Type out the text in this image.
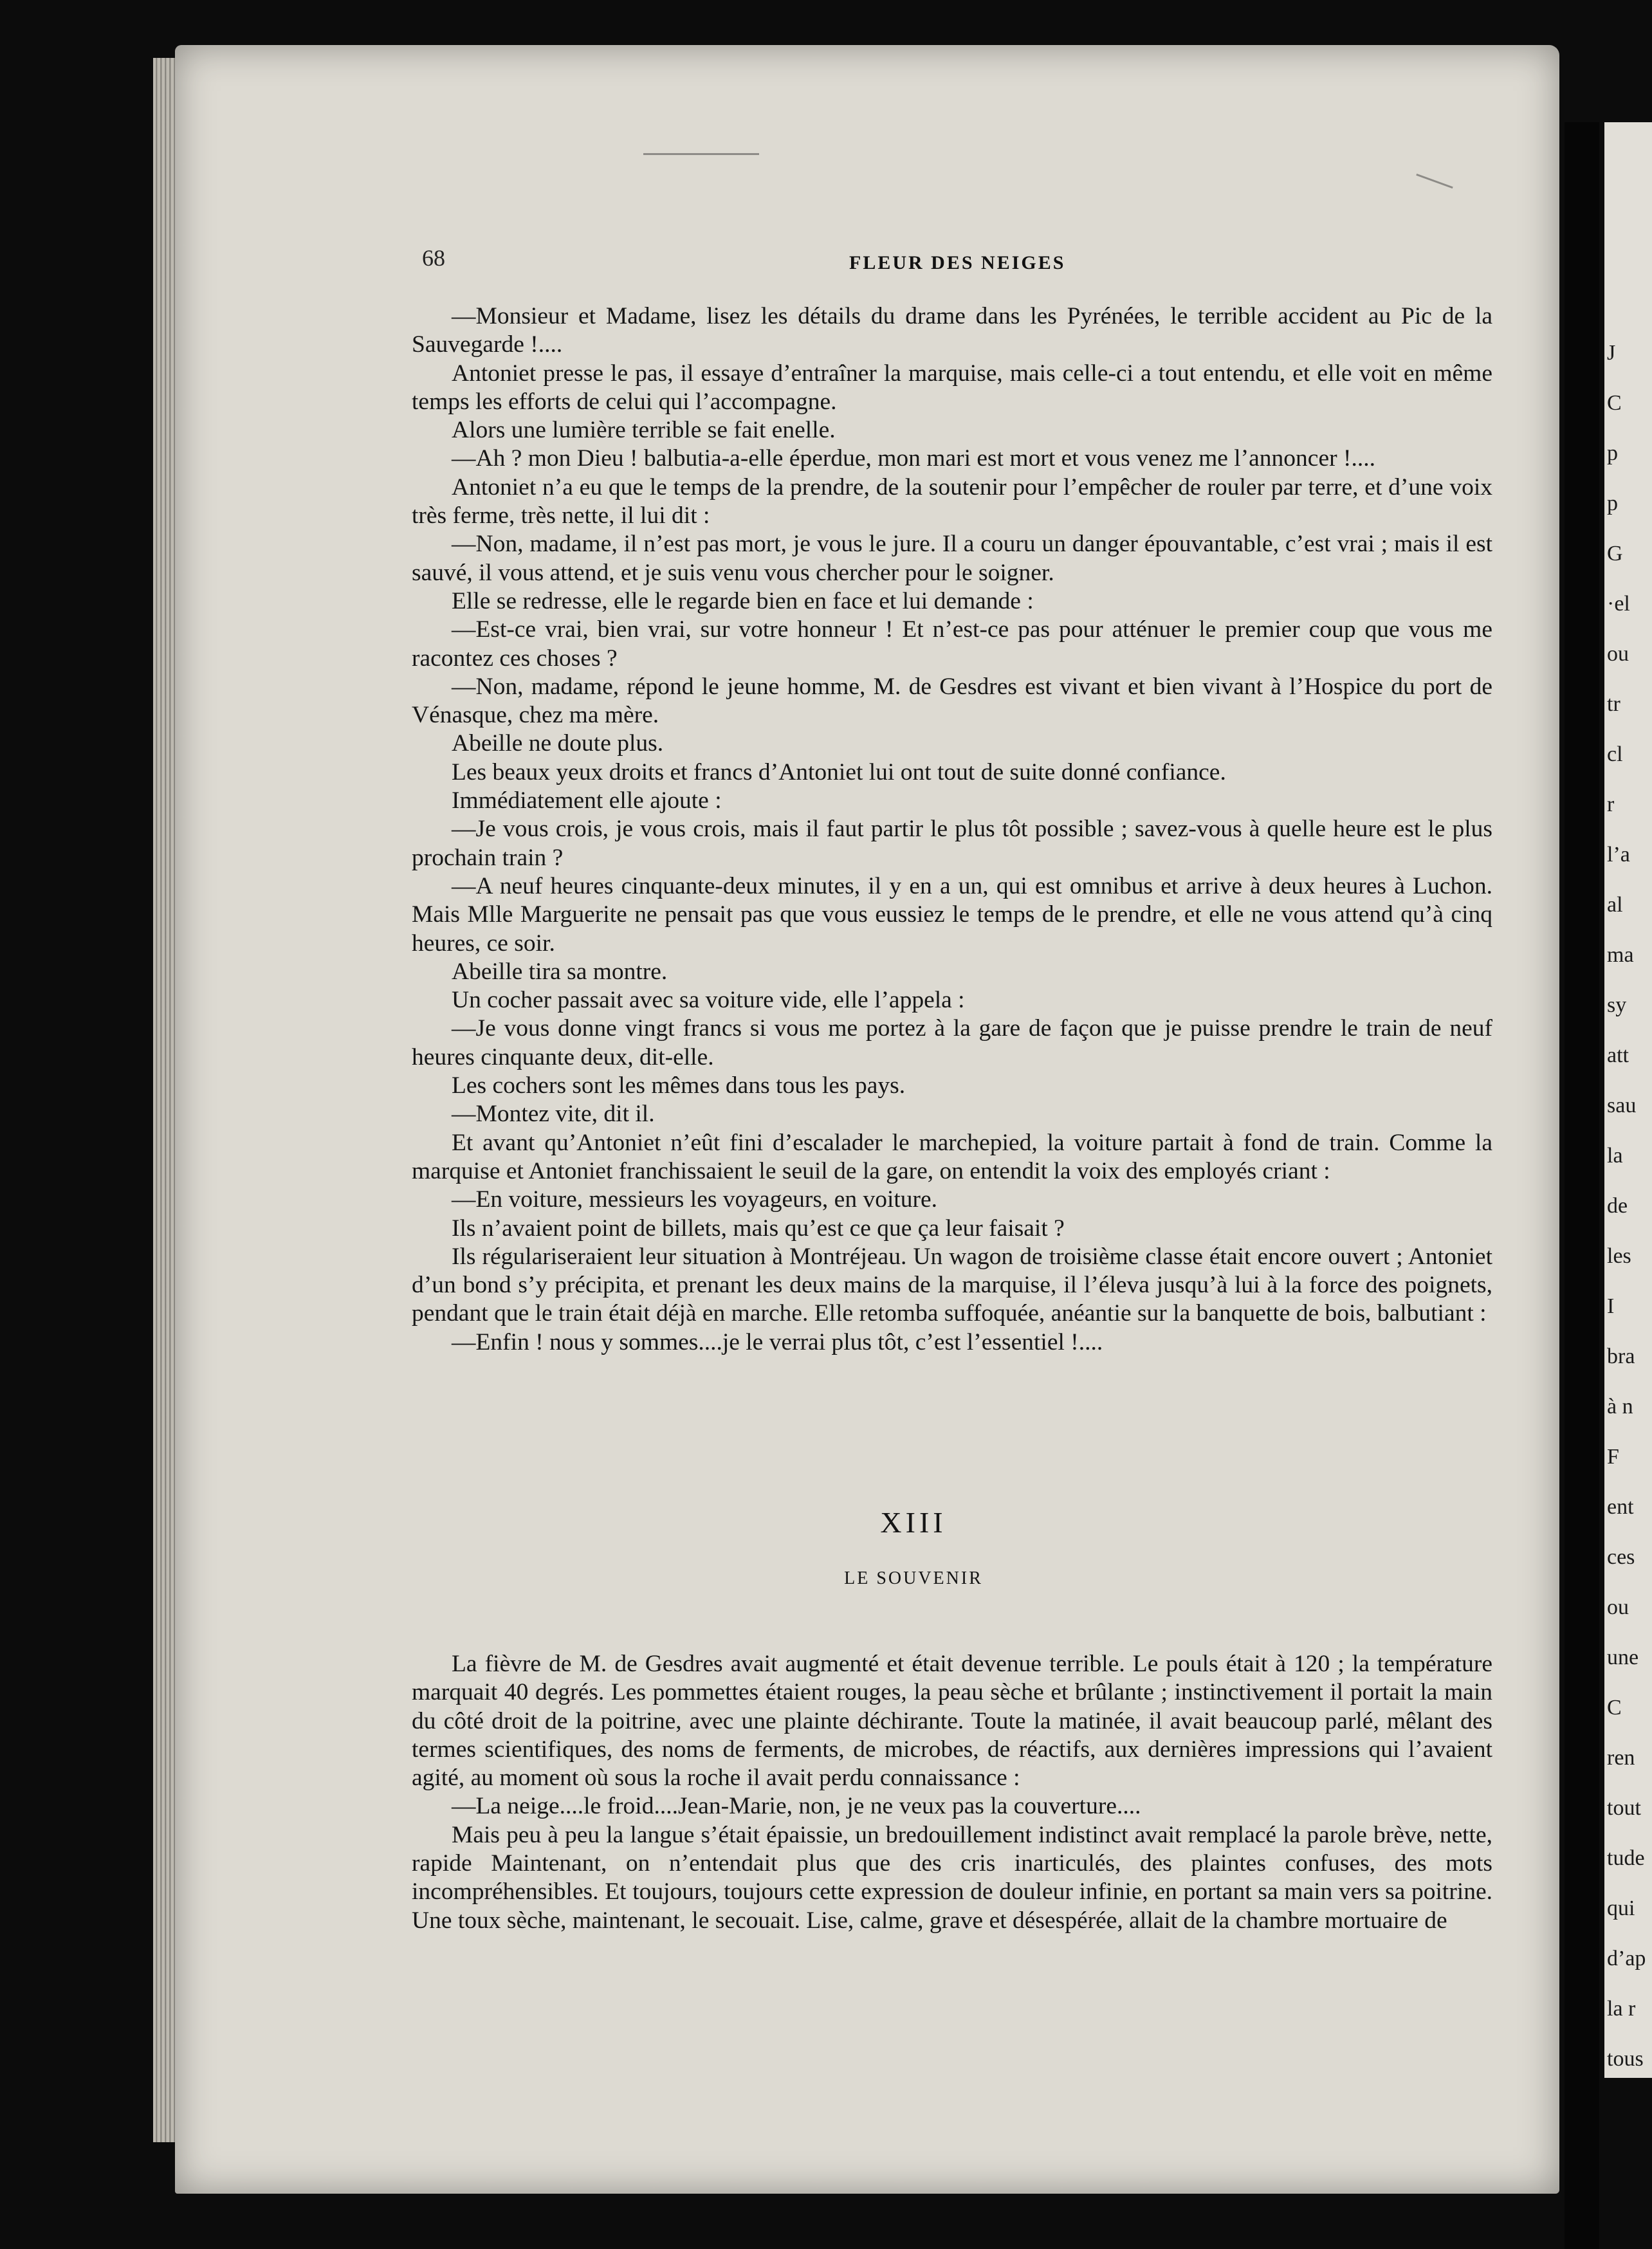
J
C
p
p
G
·el
ou
tr
cl
r
l’a
al
ma
sy
att
sau
la
de
les
I
bra
à n
F
ent
ces
ou
une
C
ren
tout
tude
qui
d’ap
la r
tous
68	FLEUR DES NEIGES

—Monsieur et Madame, lisez les détails du drame dans les Pyrénées, le terrible accident au Pic de la Sauvegarde !....

Antoniet presse le pas, il essaye d’entraîner la marquise, mais celle-ci a tout entendu, et elle voit en même temps les efforts de celui qui l’accompagne.

Alors une lumière terrible se fait enelle.

—Ah ? mon Dieu ! balbutia-a-elle éperdue, mon mari est mort et vous venez me l’annoncer !....

Antoniet n’a eu que le temps de la prendre, de la soutenir pour l’empêcher de rouler par terre, et d’une voix très ferme, très nette, il lui dit :

—Non, madame, il n’est pas mort, je vous le jure. Il a couru un danger épouvantable, c’est vrai ; mais il est sauvé, il vous attend, et je suis venu vous chercher pour le soigner.

Elle se redresse, elle le regarde bien en face et lui demande :

—Est-ce vrai, bien vrai, sur votre honneur ! Et n’est-ce pas pour atténuer le premier coup que vous me racontez ces choses ?

—Non, madame, répond le jeune homme, M. de Gesdres est vivant et bien vivant à l’Hospice du port de Vénasque, chez ma mère.

Abeille ne doute plus.

Les beaux yeux droits et francs d’Antoniet lui ont tout de suite donné confiance.

Immédiatement elle ajoute :

—Je vous crois, je vous crois, mais il faut partir le plus tôt possible ; savez-vous à quelle heure est le plus prochain train ?

—A neuf heures cinquante-deux minutes, il y en a un, qui est omnibus et arrive à deux heures à Luchon. Mais Mlle Marguerite ne pensait pas que vous eussiez le temps de le prendre, et elle ne vous attend qu’à cinq heures, ce soir.

Abeille tira sa montre.

Un cocher passait avec sa voiture vide, elle l’appela :

—Je vous donne vingt francs si vous me portez à la gare de façon que je puisse prendre le train de neuf heures cinquante deux, dit-elle.

Les cochers sont les mêmes dans tous les pays.

—Montez vite, dit il.

Et avant qu’Antoniet n’eût fini d’escalader le marchepied, la voiture partait à fond de train. Comme la marquise et Antoniet franchissaient le seuil de la gare, on entendit la voix des employés criant :

—En voiture, messieurs les voyageurs, en voiture.

Ils n’avaient point de billets, mais qu’est ce que ça leur faisait ?

Ils régulariseraient leur situation à Montréjeau. Un wagon de troisième classe était encore ouvert ; Antoniet d’un bond s’y précipita, et prenant les deux mains de la marquise, il l’éleva jusqu’à lui à la force des poignets, pendant que le train était déjà en marche. Elle retomba suffoquée, anéantie sur la banquette de bois, balbutiant :

—Enfin ! nous y sommes....je le verrai plus tôt, c’est l’essentiel !....

XIII
LE SOUVENIR

La fièvre de M. de Gesdres avait augmenté et était devenue terrible. Le pouls était à 120 ; la température marquait 40 degrés. Les pommettes étaient rouges, la peau sèche et brûlante ; instinctivement il portait la main du côté droit de la poitrine, avec une plainte déchirante. Toute la matinée, il avait beaucoup parlé, mêlant des termes scientifiques, des noms de ferments, de microbes, de réactifs, aux dernières impressions qui l’avaient agité, au moment où sous la roche il avait perdu connaissance :

—La neige....le froid....Jean-Marie, non, je ne veux pas la couverture....

Mais peu à peu la langue s’était épaissie, un bredouillement indistinct avait remplacé la parole brève, nette, rapide Maintenant, on n’entendait plus que des cris inarticulés, des plaintes confuses, des mots incompréhensibles. Et toujours, toujours cette expression de douleur infinie, en portant sa main vers sa poitrine. Une toux sèche, maintenant, le secouait. Lise, calme, grave et désespérée, allait de la chambre mortuaire de
